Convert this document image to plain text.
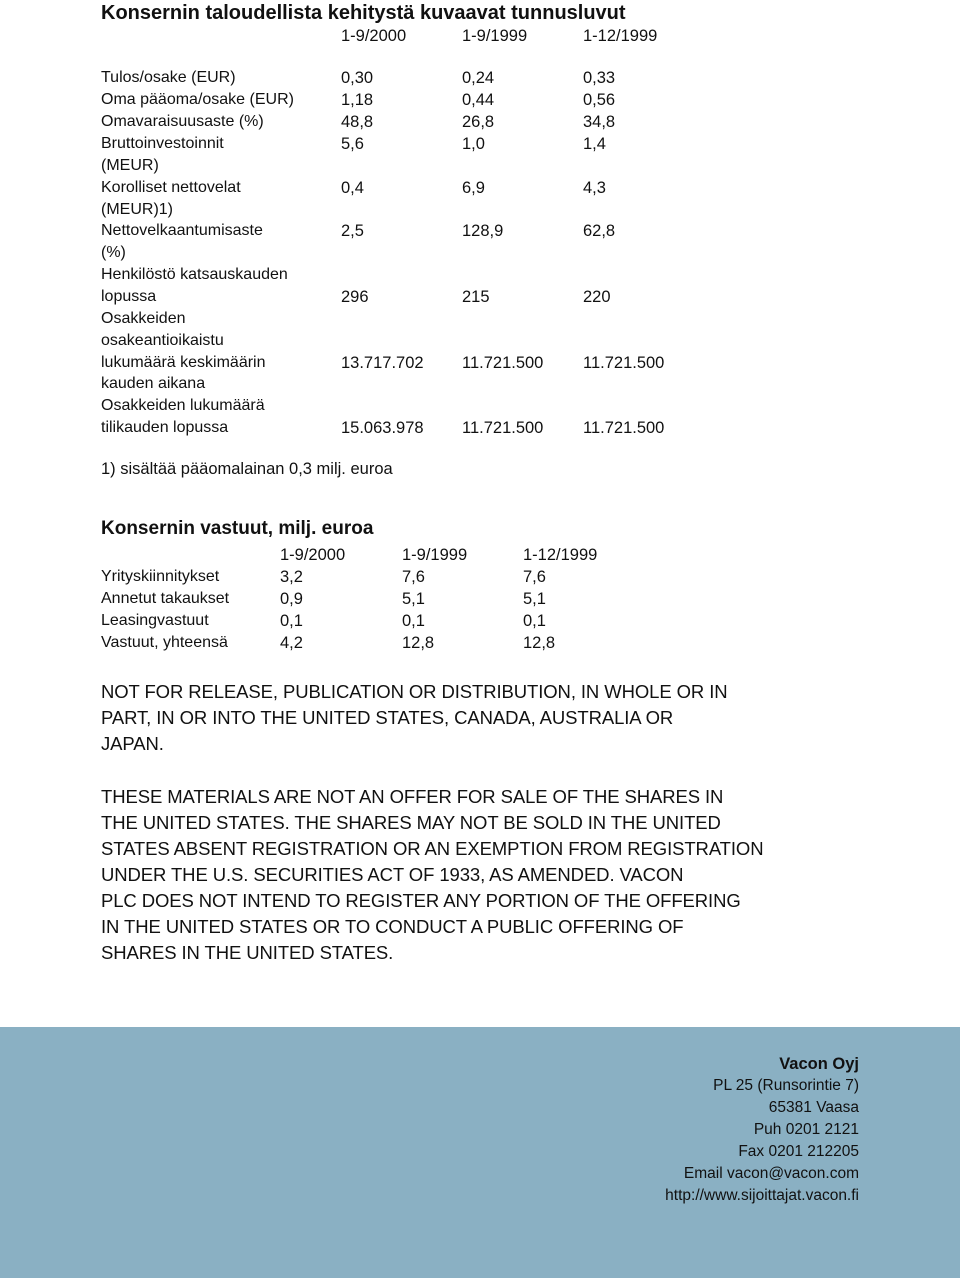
Konsernin taloudellista kehitystä kuvaavat tunnusluvut
1-9/2000	1-9/1999	1-12/1999
Tulos/osake (EUR)	0,30	0,24	0,33
Oma pääoma/osake (EUR)	1,18	0,44	0,56
Omavaraisuusaste (%)	48,8	26,8	34,8
Bruttoinvestoinnit
(MEUR)
5,6	1,0	1,4
Korolliset nettovelat
(MEUR)1)
0,4	6,9	4,3
Nettovelkaantumisaste
(%)
2,5	128,9	62,8
Henkilöstö katsauskauden
lopussa	296	215	220
Osakkeiden
osakeantioikaistu
lukumäärä keskimäärin
kauden aikana
13.717.702 11.721.500 11.721.500
Osakkeiden lukumäärä
tilikauden lopussa	15.063.978 11.721.500 11.721.500
1) sisältää pääomalainan 0,3 milj. euroa
Konsernin vastuut, milj. euroa
1-9/2000	1-9/1999	1-12/1999
Yrityskiinnitykset	3,2	7,6	7,6
Annetut takaukset	0,9	5,1	5,1
Leasingvastuut	0,1	0,1	0,1
Vastuut, yhteensä	4,2	12,8	12,8
NOT FOR RELEASE, PUBLICATION OR DISTRIBUTION, IN WHOLE OR IN
PART, IN OR INTO THE UNITED STATES, CANADA, AUSTRALIA OR
JAPAN.
THESE MATERIALS ARE NOT AN OFFER FOR SALE OF THE SHARES IN
THE UNITED STATES. THE SHARES MAY NOT BE SOLD IN THE UNITED
STATES ABSENT REGISTRATION OR AN EXEMPTION FROM REGISTRATION
UNDER THE U.S. SECURITIES ACT OF 1933, AS AMENDED. VACON
PLC DOES NOT INTEND TO REGISTER ANY PORTION OF THE OFFERING
IN THE UNITED STATES OR TO CONDUCT A PUBLIC OFFERING OF
SHARES IN THE UNITED STATES.
Vacon Oyj
PL 25 (Runsorintie 7)
65381 Vaasa
Puh 0201 2121
Fax 0201 212205
Email vacon@vacon.com
http://www.sijoittajat.vacon.fi
